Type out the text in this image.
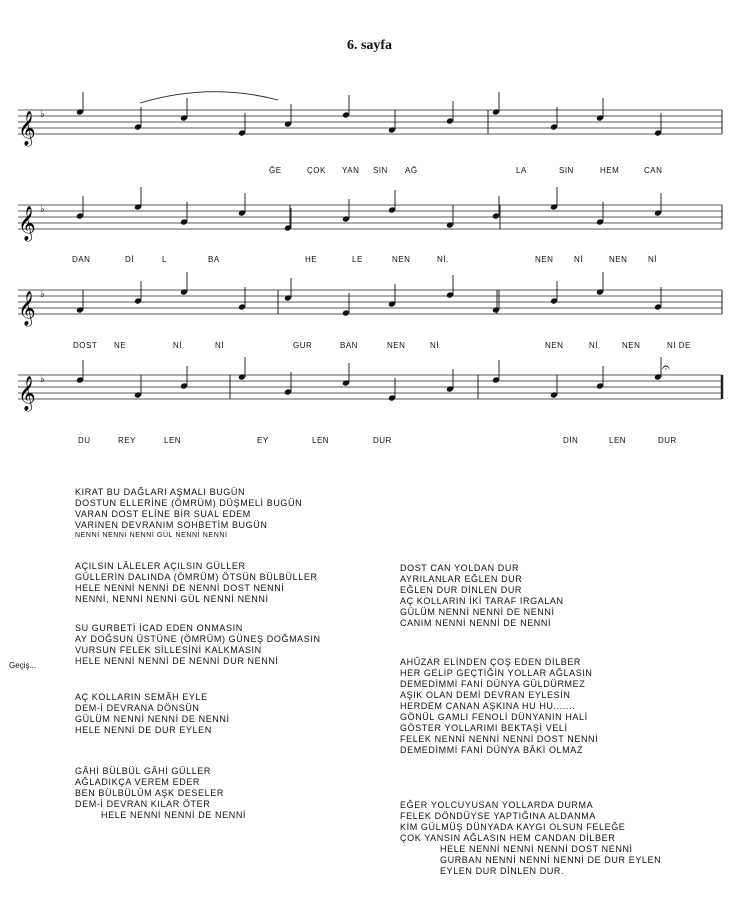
6. sayfa
𝄞 ♭
𝄞 ♭
𝄞 ♭
𝄞 ♭
𝄐
ĞE	ÇOK YAN SIN AĞ	LA	SIN	HEM	CAN
DAN	Dİ	L	BA	HE	LE	NEN	Nİ.	NEN	Nİ	NEN	Nİ
DOST NE	Nİ	Nİ	GUR	BAN	NEN	Nİ	NEN	Nİ	NEN	Nİ DE
DU	REY	LEN	EY	LEN	DUR	DİN	LEN	DUR
Geçiş...
KIRAT BU DAĞLARI AŞMALI BUGÜN
DOSTUN ELLERİNE (ÖMRÜM) DÜŞMELİ BUGÜN
VARAN DOST ELİNE BİR SUAL EDEM
VARINEN DEVRANIM SOHBETİM BUGÜN
NENNİ NENNİ NENNİ GÜL NENNİ NENNİ
AÇILSIN LÂLELER AÇILSIN GÜLLER
GÜLLERİN DALINDA (ÖMRÜM) ÖTSÜN BÜLBÜLLER
HELE NENNİ NENNİ DE NENNİ DOST NENNİ
NENNİ, NENNİ NENNİ GÜL NENNİ NENNİ
SU GURBETİ İCAD EDEN ONMASIN
AY DOĞSUN ÜSTÜNE (ÖMRÜM) GÜNEŞ DOĞMASIN
VURSUN FELEK SİLLESİNİ KALKMASIN
HELE NENNİ NENNİ DE NENNİ DUR NENNİ
AÇ KOLLARIN SEMÂH EYLE
DEM-İ DEVRANA DÖNSÜN
GÜLÜM NENNİ NENNİ DE NENNİ
HELE NENNİ DE DUR EYLEN
GÂHİ BÜLBÜL GÂHİ GÜLLER
AĞLADIKÇA VEREM EDER
BEN BÜLBÜLÜM AŞK DESELER
DEM-İ DEVRAN KILAR ÖTER
HELE NENNİ NENNİ DE NENNİ
DOST CAN YOLDAN DUR
AYRILANLAR EĞLEN DUR
EĞLEN DUR DİNLEN DUR
AÇ KOLLARIN İKİ TARAF IRGALAN
GÜLÜM NENNİ NENNİ DE NENNİ
CANIM NENNİ NENNİ DE NENNİ
AHÛZAR ELİNDEN ÇOŞ EDEN DİLBER
HER GELİP GEÇTİĞİN YOLLAR AĞLASIN
DEMEDİMMİ FANİ DÜNYA GÜLDÜRMEZ
AŞIK OLAN DEMİ DEVRAN EYLESİN
HERDEM CANAN AŞKINA HU HU.......
GÖNÜL GAMLI FENOLİ DÜNYANIN HALİ
GÖSTER YOLLARIMI BEKTAŞİ VELİ
FELEK NENNİ NENNİ NENNİ DOST NENNİ
DEMEDİMMİ FANİ DÜNYA BÂKİ OLMAZ
EĞER YOLCUYUSAN YOLLARDA DURMA
FELEK DÖNDÜYSE YAPTIĞINA ALDANMA
KİM GÜLMÜŞ DÜNYADA KAYGI OLSUN FELEĞE
ÇOK YANSIN AĞLASIN HEM CANDAN DİLBER
HELE NENNİ NENNİ NENNİ DOST NENNİ
GURBAN NENNİ NENNİ NENNİ DE DUR EYLEN
EYLEN DUR DİNLEN DUR.
